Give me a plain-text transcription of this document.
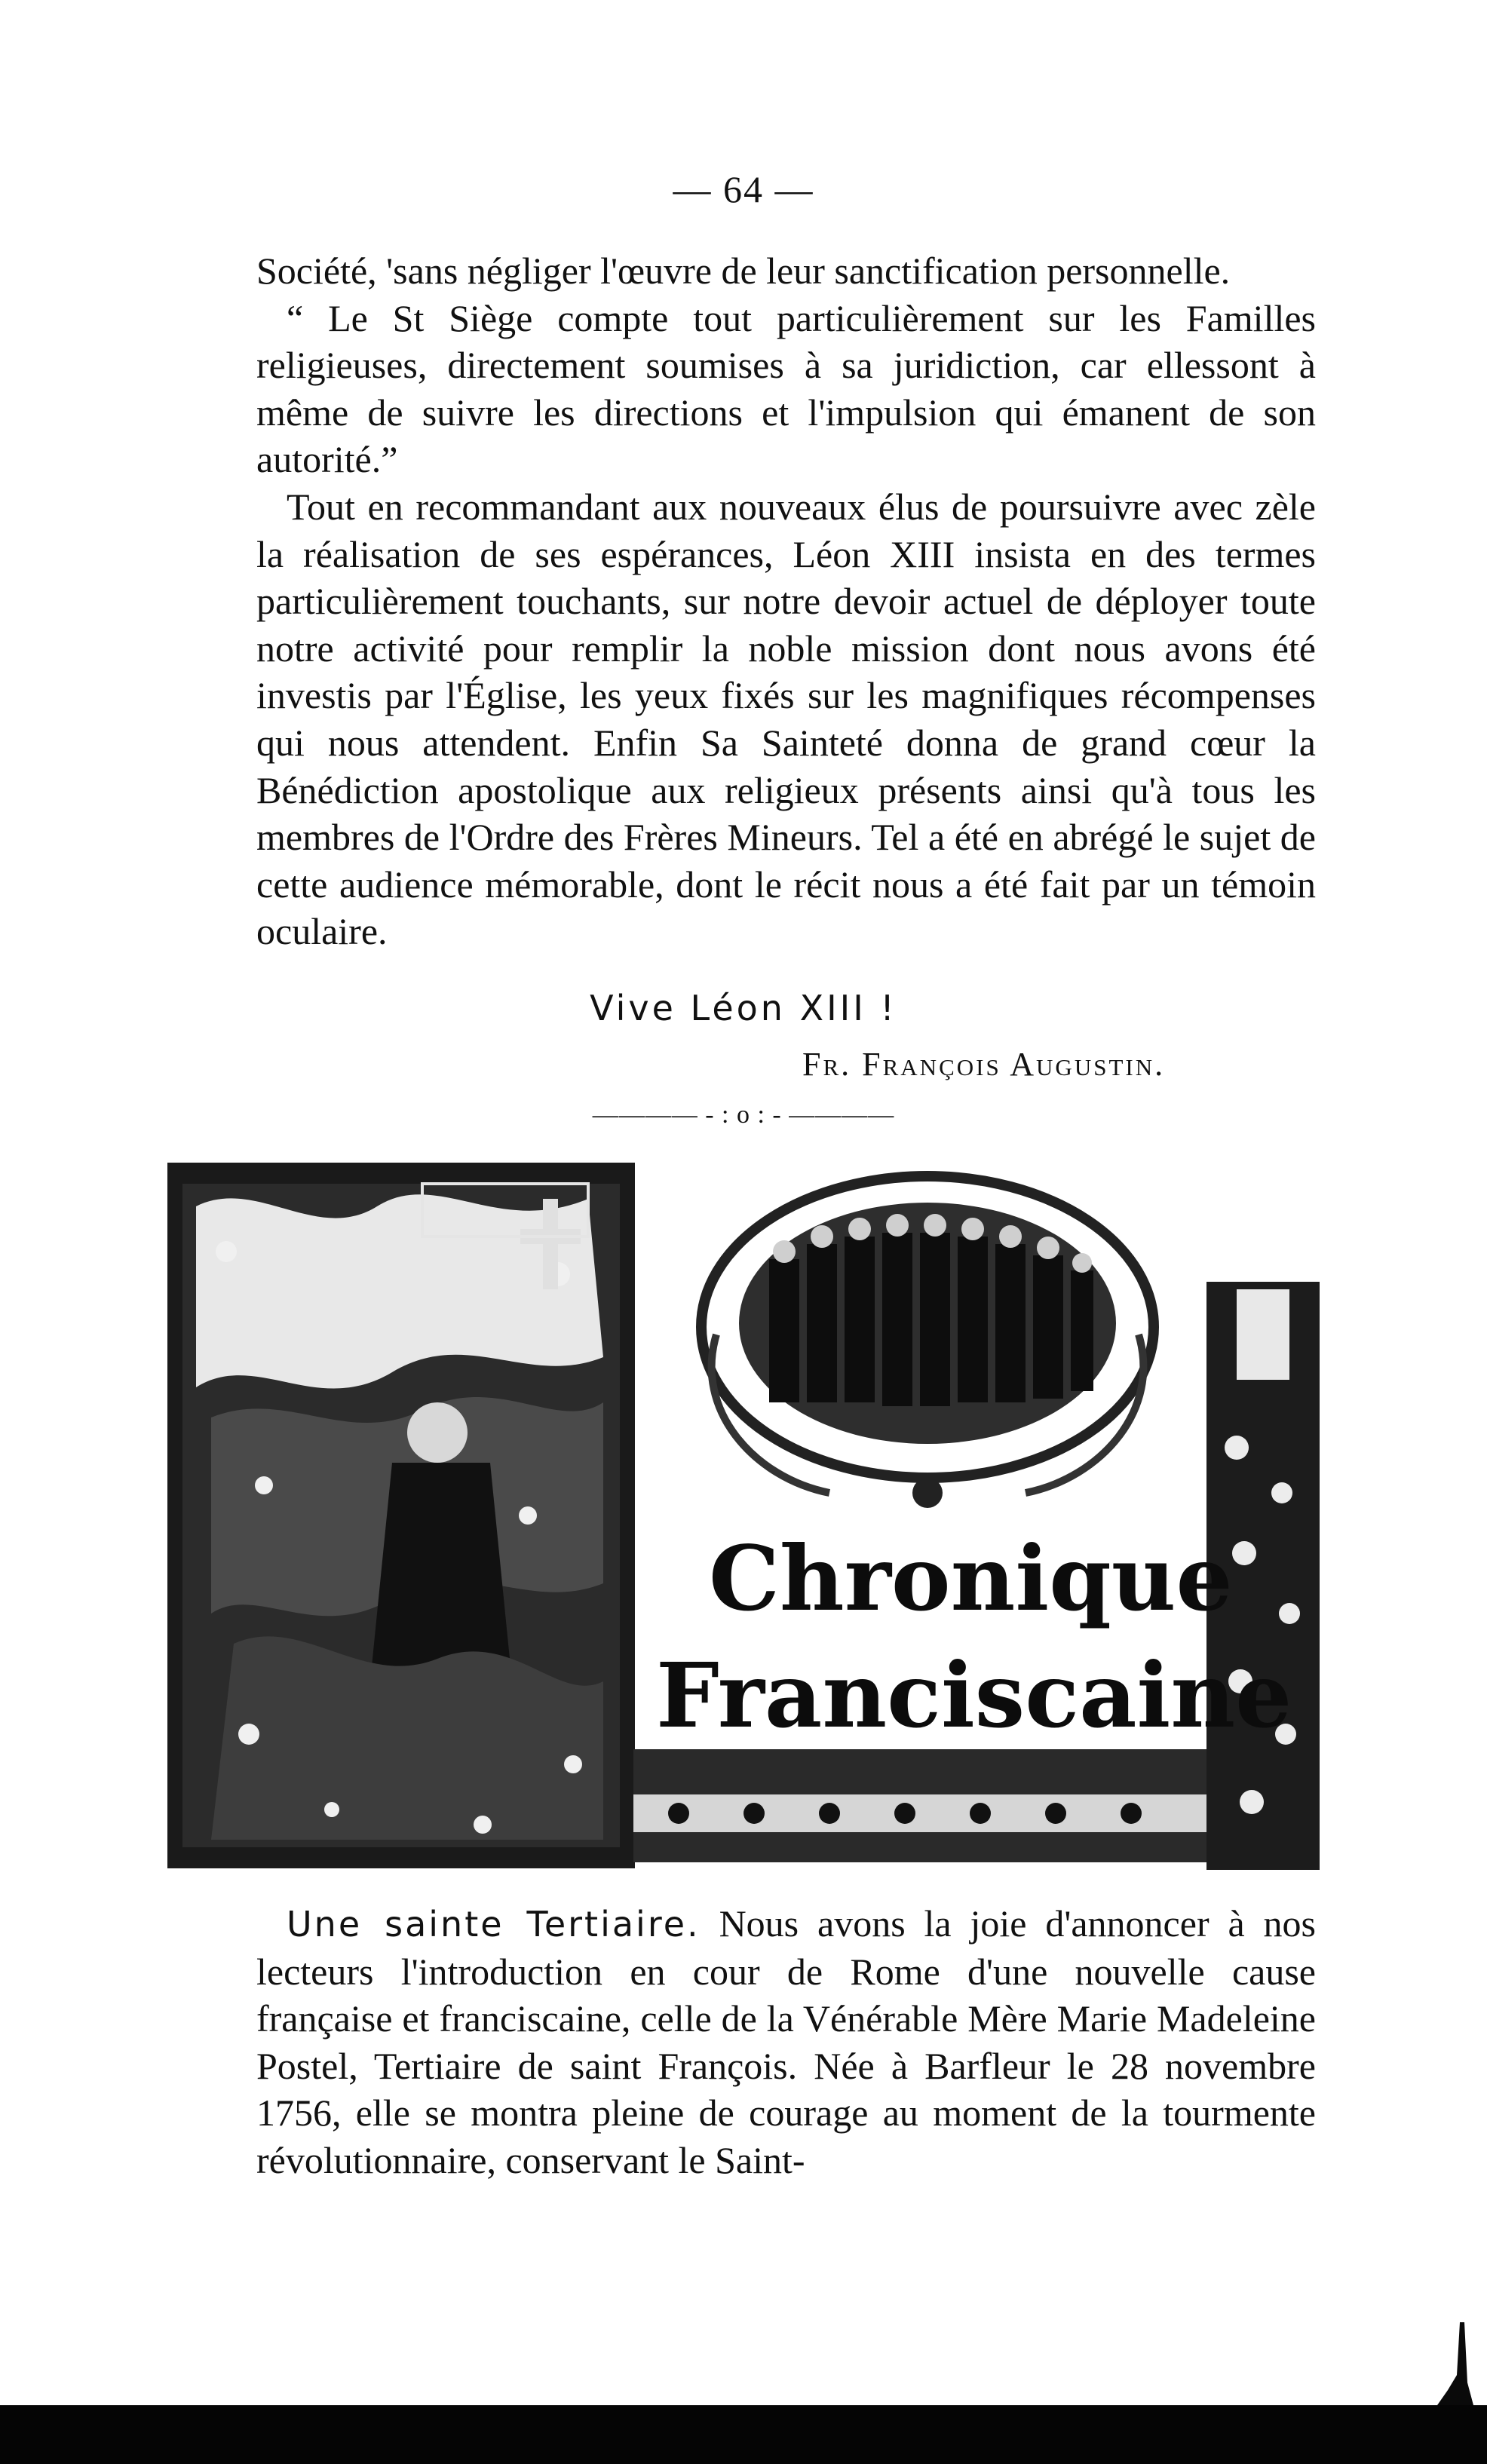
— 64 —

Société, 'sans négliger l'œuvre de leur sanctification personnelle.

“ Le St Siège compte tout particulièrement sur les Familles religieuses, directement soumises à sa juridiction, car ellessont à même de suivre les directions et l'impulsion qui émanent de son autorité.”

Tout en recommandant aux nouveaux élus de poursuivre avec zèle la réalisation de ses espérances, Léon XIII insista en des termes particulièrement touchants, sur notre devoir actuel de déployer toute notre activité pour remplir la noble mission dont nous avons été investis par l'Église, les yeux fixés sur les magnifiques récompenses qui nous attendent. Enfin Sa Sainteté donna de grand cœur la Bénédiction apostolique aux religieux présents ainsi qu'à tous les membres de l'Ordre des Frères Mineurs. Tel a été en abrégé le sujet de cette audience mémorable, dont le récit nous a été fait par un témoin oculaire.

Vive Léon XIII !
Fr. François Augustin.
———— - : o : - ————
Chronique
Franciscaine

Une sainte Tertiaire. Nous avons la joie d'annoncer à nos lecteurs l'introduction en cour de Rome d'une nouvelle cause française et franciscaine, celle de la Vénérable Mère Marie Madeleine Postel, Tertiaire de saint François. Née à Barfleur le 28 novembre 1756, elle se montra pleine de courage au moment de la tourmente révolutionnaire, conservant le Saint-
